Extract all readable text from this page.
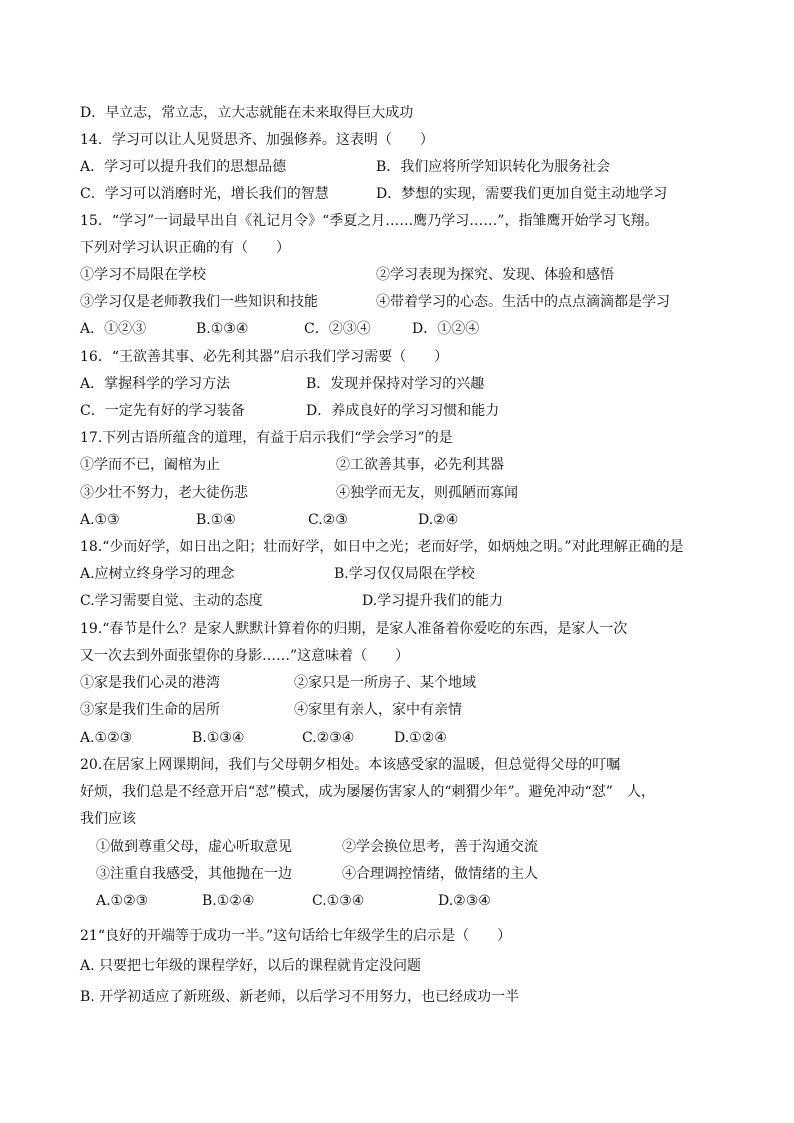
D．早立志，常立志，立大志就能在未来取得巨大成功
14．学习可以让人见贤思齐、加强修养。这表明（　　）
A．学习可以提升我们的思想品德	B．我们应将所学知识转化为服务社会
C．学习可以消磨时光，增长我们的智慧	D．梦想的实现，需要我们更加自觉主动地学习
15．“学习”一词最早出自《礼记月令》“季夏之月……鹰乃学习……”，指雏鹰开始学习飞翔。
下列对学习认识正确的有（　　）
①学习不局限在学校	②学习表现为探究、发现、体验和感悟
③学习仅是老师教我们一些知识和技能	④带着学习的心态。生活中的点点滴滴都是学习
A．①②③	B.①③④	C．②③④	D．①②④
16．“王欲善其事、必先利其器”启示我们学习需要（　　）
A．掌握科学的学习方法	B．发现并保持对学习的兴趣
C．一定先有好的学习装备	D．养成良好的学习习惯和能力
17.下列古语所蕴含的道理，有益于启示我们“学会学习”的是
①学而不已，阖棺为止	②工欲善其事，必先利其器
③少壮不努力，老大徒伤悲	④独学而无友，则孤陋而寡闻
A.①③	B.①④	C.②③	D.②④
18.“少而好学，如日出之阳；壮而好学，如日中之光；老而好学，如炳烛之明。”对此理解正确的是
A.应树立终身学习的理念	B.学习仅仅局限在学校
C.学习需要自觉、主动的态度	D.学习提升我们的能力
19.“春节是什么？是家人默默计算着你的归期，是家人准备着你爱吃的东西，是家人一次
又一次去到外面张望你的身影……”这意味着（　　）
①家是我们心灵的港湾	②家只是一所房子、某个地域
③家是我们生命的居所	④家里有亲人，家中有亲情
A.①②③	B.①③④	C.②③④	D.①②④
20.在居家上网课期间，我们与父母朝夕相处。本该感受家的温暖，但总觉得父母的叮嘱
好烦，我们总是不经意开启“怼”模式，成为屡屡伤害家人的“刺猬少年”。避免冲动“怼”　人，
我们应该
①做到尊重父母，虚心听取意见	②学会换位思考，善于沟通交流
③注重自我感受，其他抛在一边	④合理调控情绪，做情绪的主人
A.①②③	B.①②④	C.①③④	D.②③④
21“良好的开端等于成功一半。”这句话给七年级学生的启示是（　　）
A. 只要把七年级的课程学好，以后的课程就肯定没问题
B. 开学初适应了新班级、新老师，以后学习不用努力，也已经成功一半
